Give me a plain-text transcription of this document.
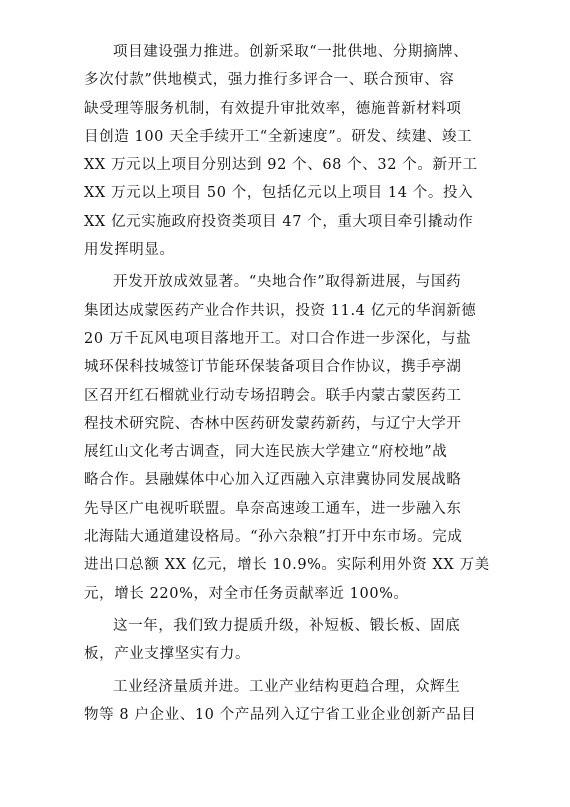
项目建设强力推进。创新采取“一批供地、分期摘牌、
多次付款”供地模式，强力推行多评合一、联合预审、容
缺受理等服务机制，有效提升审批效率，德施普新材料项
目创造 100 天全手续开工“全新速度”。研发、续建、竣工
XX 万元以上项目分别达到 92 个、68 个、32 个。新开工
XX 万元以上项目 50 个，包括亿元以上项目 14 个。投入
XX 亿元实施政府投资类项目 47 个，重大项目牵引撬动作
用发挥明显。

开发开放成效显著。“央地合作”取得新进展，与国药
集团达成蒙医药产业合作共识，投资 11.4 亿元的华润新德
20 万千瓦风电项目落地开工。对口合作进一步深化，与盐
城环保科技城签订节能环保装备项目合作协议，携手亭湖
区召开红石榴就业行动专场招聘会。联手内蒙古蒙医药工
程技术研究院、杏林中医药研发蒙药新药，与辽宁大学开
展红山文化考古调查，同大连民族大学建立“府校地”战
略合作。县融媒体中心加入辽西融入京津冀协同发展战略
先导区广电视听联盟。阜奈高速竣工通车，进一步融入东
北海陆大通道建设格局。“孙六杂粮”打开中东市场。完成
进出口总额 XX 亿元，增长 10.9%。实际利用外资 XX 万美
元，增长 220%，对全市任务贡献率近 100%。

这一年，我们致力提质升级，补短板、锻长板、固底
板，产业支撑坚实有力。

工业经济量质并进。工业产业结构更趋合理，众辉生
物等 8 户企业、10 个产品列入辽宁省工业企业创新产品目
